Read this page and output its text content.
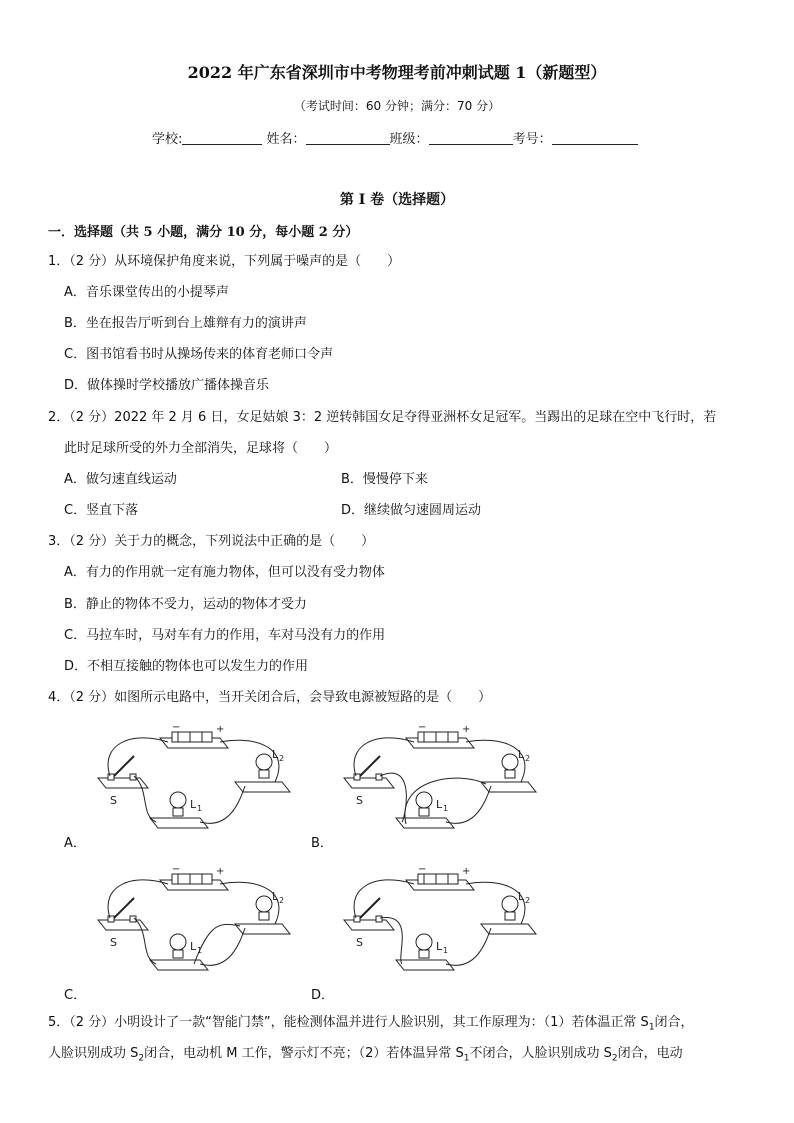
2022 年广东省深圳市中考物理考前冲刺试题 1（新题型）
（考试时间：60 分钟；满分：70 分）
学校:	姓名：	班级：	考号：
第 I 卷（选择题）
一．选择题（共 5 小题，满分 10 分，每小题 2 分）
1．（2 分）从环境保护角度来说，下列属于噪声的是（　　）
A．音乐课堂传出的小提琴声
B．坐在报告厅听到台上雄辩有力的演讲声
C．图书馆看书时从操场传来的体育老师口令声
D．做体操时学校播放广播体操音乐
2．（2 分）2022 年 2 月 6 日，女足姑娘 3：2 逆转韩国女足夺得亚洲杯女足冠军。当踢出的足球在空中飞行时，若
此时足球所受的外力全部消失，足球将（　　）
A．做匀速直线运动	B．慢慢停下来
C．竖直下落	D．继续做匀速圆周运动
3．（2 分）关于力的概念，下列说法中正确的是（　　）
A．有力的作用就一定有施力物体，但可以没有受力物体
B．静止的物体不受力，运动的物体才受力
C．马拉车时，马对车有力的作用，车对马没有力的作用
D．不相互接触的物体也可以发生力的作用
4．（2 分）如图所示电路中，当开关闭合后，会导致电源被短路的是（　　）
−	+
S	L
L
1
2
A．
−	+
S	L
L
1
2
B．
−	+
S	L
L
1
2
C．
−	+
S	L
L
1
2
D．
5．（2 分）小明设计了一款“智能门禁”，能检测体温并进行人脸识别，其工作原理为：（1）若体温正常 $S_1$闭合，
人脸识别成功 $S_2$闭合，电动机 M 工作，警示灯不亮；（2）若体温异常 $S_1$不闭合，人脸识别成功 $S_2$闭合，电动
